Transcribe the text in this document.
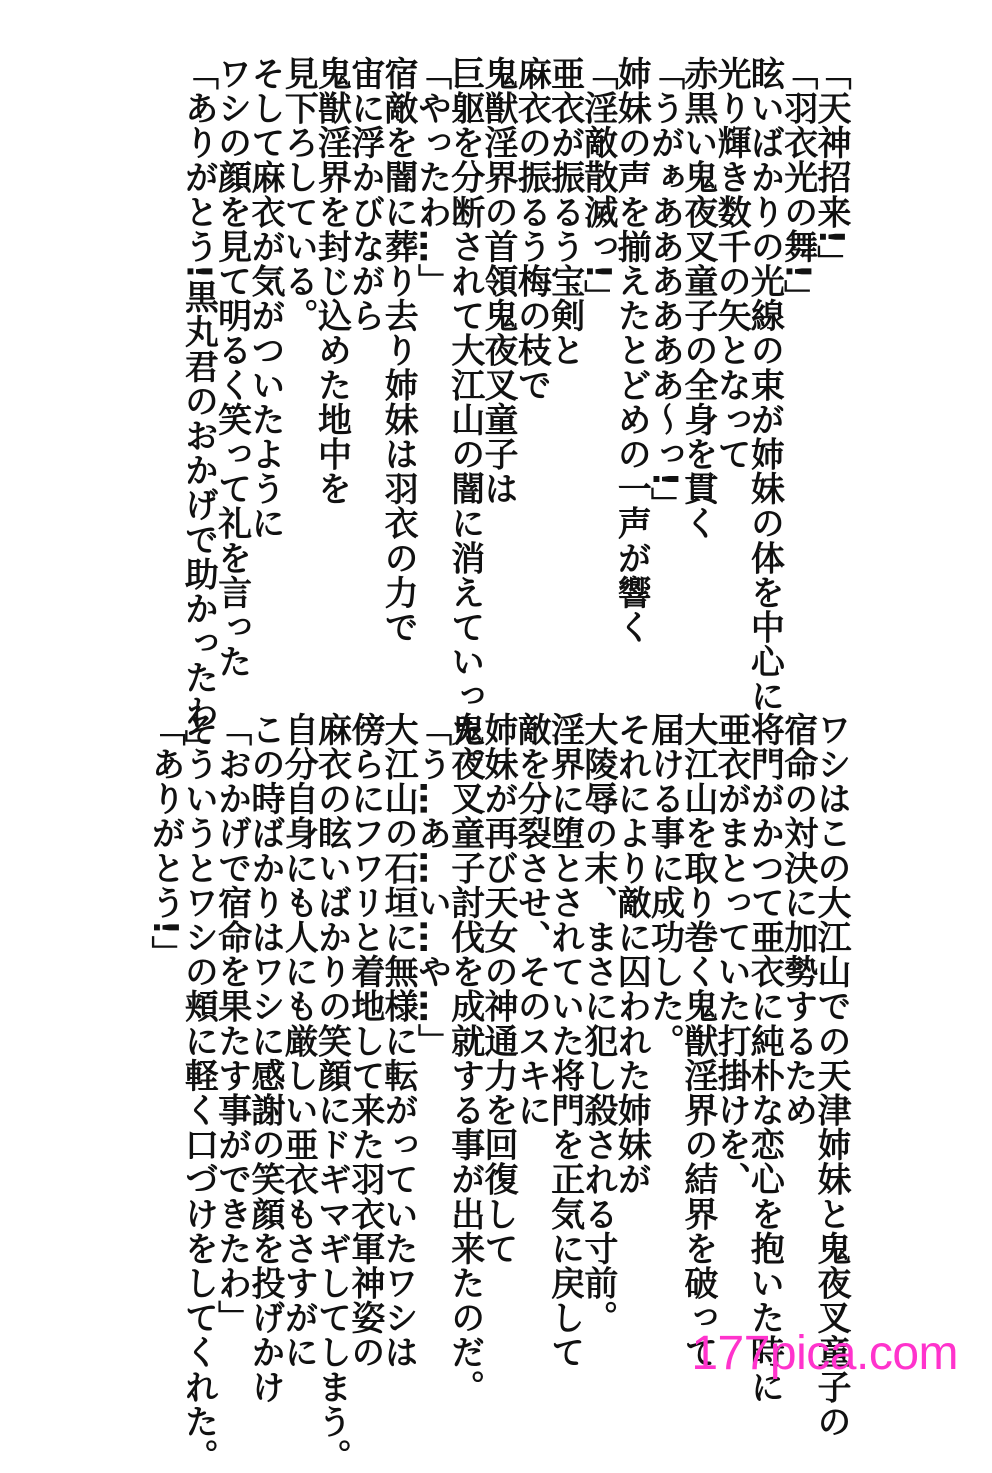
「天神招来!」

「羽衣光の舞!」

眩いばかりの光線の束が姉妹の体を中心に

光り輝き数千の矢となって

赤黒い鬼夜叉童子の全身を貫く

「うがぁああああああ〜っ!」

姉妹の声を揃えたとどめの一声が響く

「淫敵散滅っ!」

亜衣が振るう宝剣と

麻衣の振るう梅の枝で

鬼獣淫界の首領鬼夜叉童子は

巨躯を分断されて大江山の闇に消えていった。

「やったわ…」

宿敵を闇に葬り去り姉妹は羽衣の力で

宙に浮かびながら

鬼獣淫界を封じ込めた地中を

見下ろしている。

そして麻衣が気がついたように

ワシの顔を見て明るく笑って礼を言った

「ありがとう!黒丸君のおかげで助かったわ」

ワシはこの大江山での天津姉妹と鬼夜叉童子の

宿命の対決に加勢するため

将門がかつて亜衣に純朴な恋心を抱いた時に

亜衣がまとっていた打掛けを、

大江山を取り巻く鬼獣淫界の結界を破って

届ける事に成功した。

それにより敵に囚われた姉妹が

大陵辱の末、まさに犯し殺される寸前。

淫界に堕とされていた将門を正気に戻して

敵を分裂させ、そのスキに

姉妹が再び天女の神通力を回復して

鬼夜叉童子討伐を成就する事が出来たのだ。

「う…あ…い…や…」

大江山の石垣に無様に転がっていたワシは

傍らにフワリと着地して来た羽衣軍神姿の

麻衣の眩いばかりの笑顔にドギマギしてしまう。

自分自身にも人にも厳しい亜衣もさすがに

この時ばかりはワシに感謝の笑顔を投げかけ

「おかげで宿命を果たす事ができたわ」

そういうとワシの頬に軽く口づけをしてくれた。

「ありがとう!」

177pica.com
